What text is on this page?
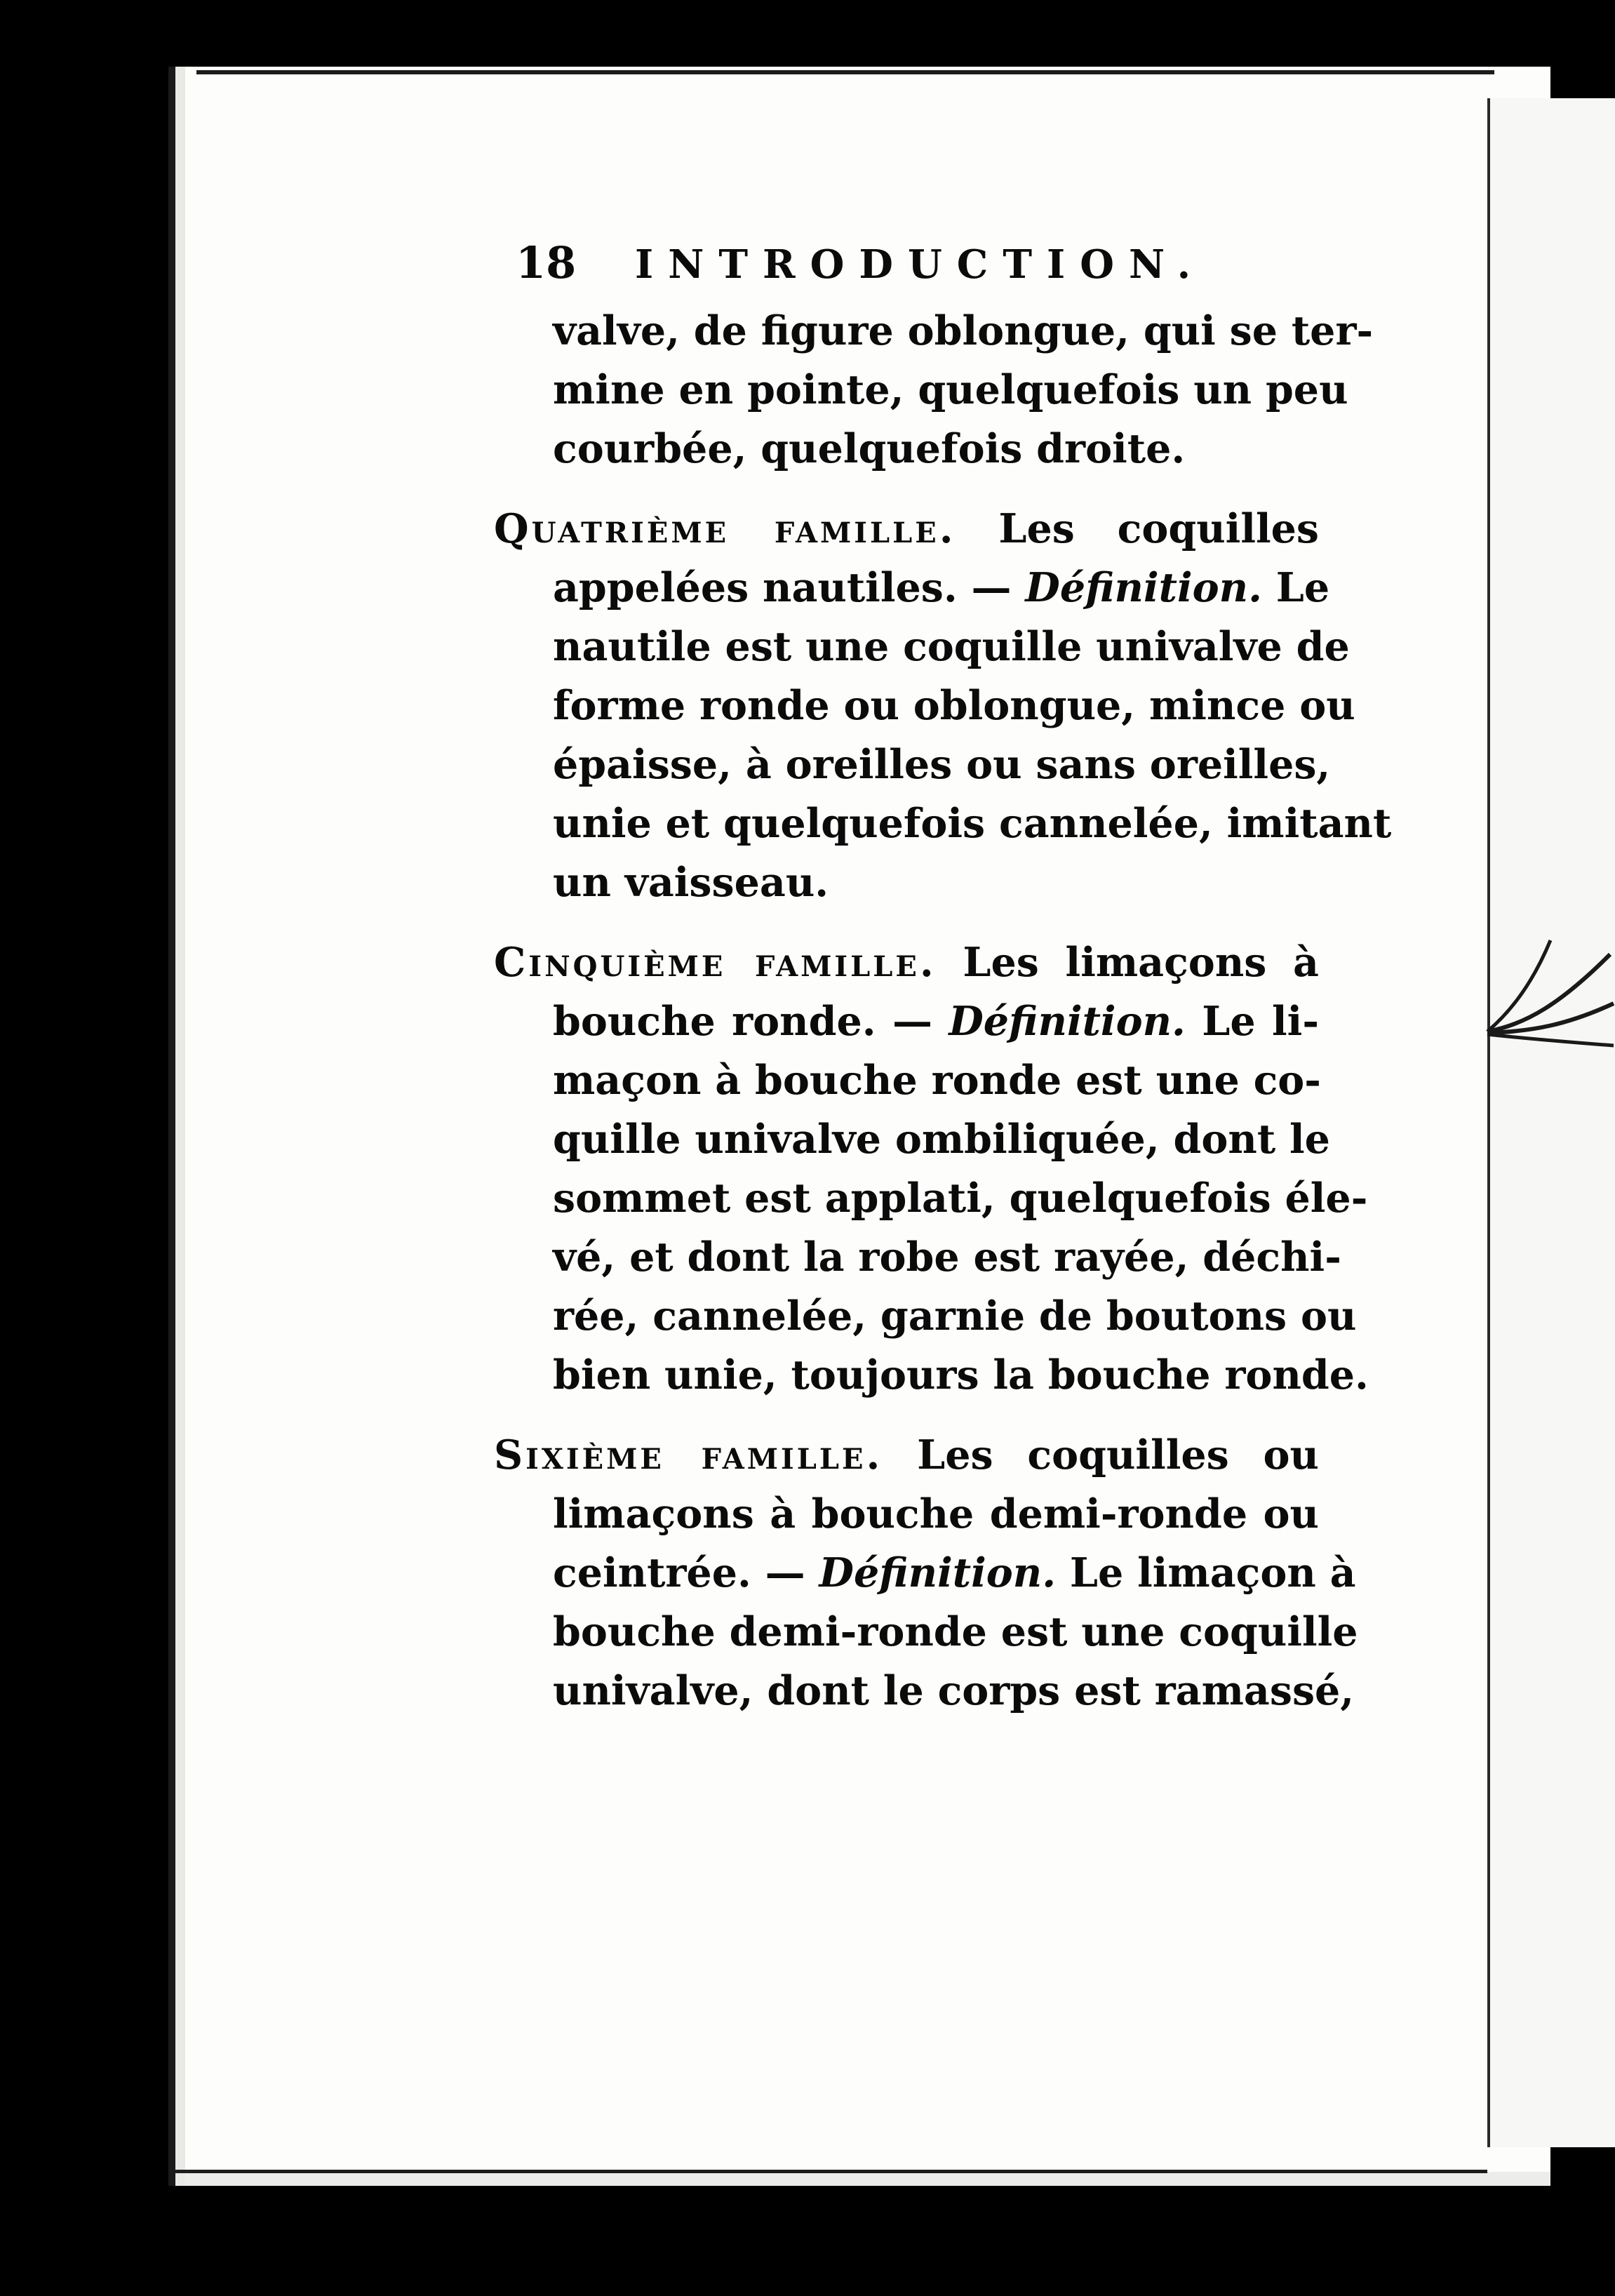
18	INTRODUCTION.
valve, de figure oblongue, qui se ter-
mine en pointe, quelquefois un peu
courbée, quelquefois droite.
Quatrième famille. Les coquilles
appelées nautiles. — Définition. Le
nautile est une coquille univalve de
forme ronde ou oblongue, mince ou
épaisse, à oreilles ou sans oreilles,
unie et quelquefois cannelée, imitant
un vaisseau.
Cinquième famille. Les limaçons à
bouche ronde. — Définition. Le li-
maçon à bouche ronde est une co-
quille univalve ombiliquée, dont le
sommet est applati, quelquefois éle-
vé, et dont la robe est rayée, déchi-
rée, cannelée, garnie de boutons ou
bien unie, toujours la bouche ronde.
Sixième famille. Les coquilles ou
limaçons à bouche demi-ronde ou
ceintrée. — Définition. Le limaçon à
bouche demi-ronde est une coquille
univalve, dont le corps est ramassé,
